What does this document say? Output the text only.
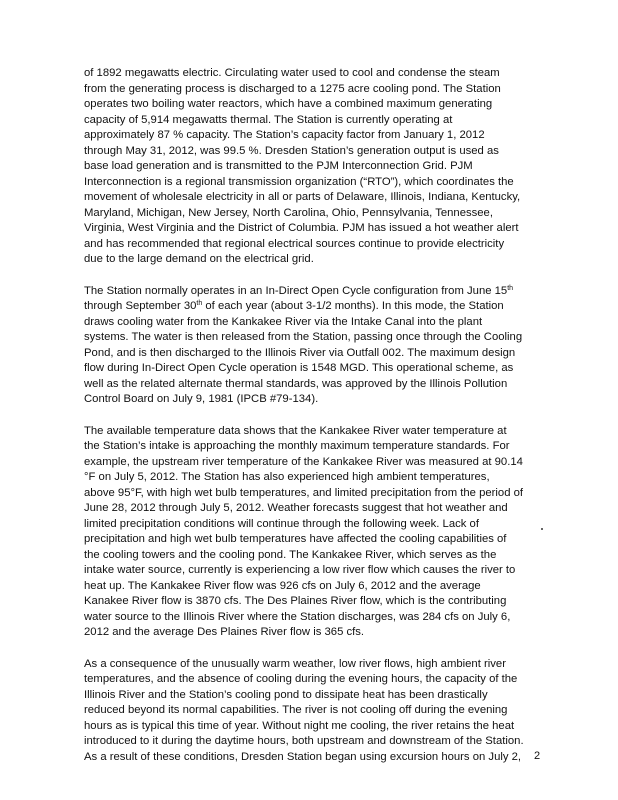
of 1892 megawatts electric. Circulating water used to cool and condense the steam
from the generating process is discharged to a 1275 acre cooling pond. The Station
operates two boiling water reactors, which have a combined maximum generating
capacity of 5,914 megawatts thermal. The Station is currently operating at
approximately 87 % capacity. The Station’s capacity factor from January 1, 2012
through May 31, 2012, was 99.5 %. Dresden Station’s generation output is used as
base load generation and is transmitted to the PJM Interconnection Grid. PJM
Interconnection is a regional transmission organization (“RTO”), which coordinates the
movement of wholesale electricity in all or parts of Delaware, Illinois, Indiana, Kentucky,
Maryland, Michigan, New Jersey, North Carolina, Ohio, Pennsylvania, Tennessee,
Virginia, West Virginia and the District of Columbia. PJM has issued a hot weather alert
and has recommended that regional electrical sources continue to provide electricity
due to the large demand on the electrical grid.

The Station normally operates in an In-Direct Open Cycle configuration from June 15th
through September 30th of each year (about 3-1/2 months). In this mode, the Station
draws cooling water from the Kankakee River via the Intake Canal into the plant
systems. The water is then released from the Station, passing once through the Cooling
Pond, and is then discharged to the Illinois River via Outfall 002. The maximum design
flow during In-Direct Open Cycle operation is 1548 MGD. This operational scheme, as
well as the related alternate thermal standards, was approved by the Illinois Pollution
Control Board on July 9, 1981 (IPCB #79-134).

The available temperature data shows that the Kankakee River water temperature at
the Station’s intake is approaching the monthly maximum temperature standards. For
example, the upstream river temperature of the Kankakee River was measured at 90.14
°F on July 5, 2012. The Station has also experienced high ambient temperatures,
above 95°F, with high wet bulb temperatures, and limited precipitation from the period of
June 28, 2012 through July 5, 2012. Weather forecasts suggest that hot weather and
limited precipitation conditions will continue through the following week. Lack of
precipitation and high wet bulb temperatures have affected the cooling capabilities of
the cooling towers and the cooling pond. The Kankakee River, which serves as the
intake water source, currently is experiencing a low river flow which causes the river to
heat up. The Kankakee River flow was 926 cfs on July 6, 2012 and the average
Kanakee River flow is 3870 cfs. The Des Plaines River flow, which is the contributing
water source to the Illinois River where the Station discharges, was 284 cfs on July 6,
2012 and the average Des Plaines River flow is 365 cfs.

As a consequence of the unusually warm weather, low river flows, high ambient river
temperatures, and the absence of cooling during the evening hours, the capacity of the
Illinois River and the Station’s cooling pond to dissipate heat has been drastically
reduced beyond its normal capabilities. The river is not cooling off during the evening
hours as is typical this time of year. Without night me cooling, the river retains the heat
introduced to it during the daytime hours, both upstream and downstream of the Station.
As a result of these conditions, Dresden Station began using excursion hours on July 2,	2
